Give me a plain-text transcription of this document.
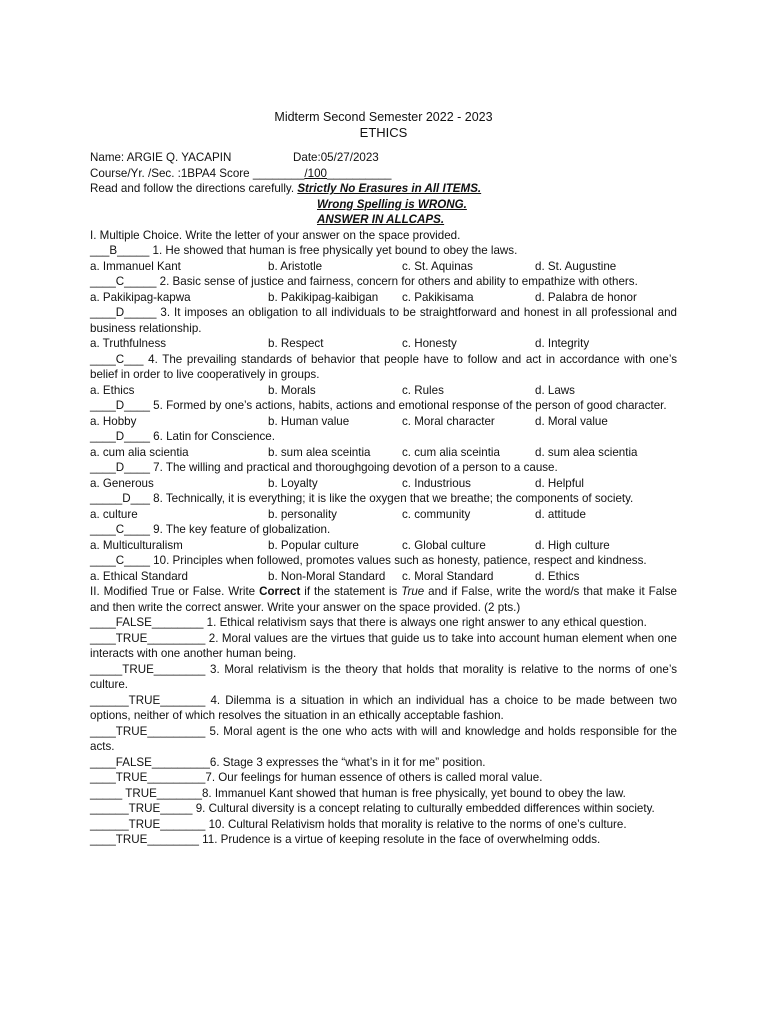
Midterm Second Semester 2022 - 2023
ETHICS
Name: ARGIE Q. YACAPIN	Date:05/27/2023
Course/Yr. /Sec. :1BPA4 Score ________/100__________
Read and follow the directions carefully. Strictly No Erasures in All ITEMS.
Wrong Spelling is WRONG.
ANSWER IN ALLCAPS.
I. Multiple Choice. Write the letter of your answer on the space provided.
___B_____ 1. He showed that human is free physically yet bound to obey the laws.
a. Immanuel Kant	b. Aristotle	c. St. Aquinas	d. St. Augustine
____C_____ 2. Basic sense of justice and fairness, concern for others and ability to empathize with others.
a. Pakikipag-kapwa	b. Pakikipag-kaibigan	c. Pakikisama	d. Palabra de honor
____D_____ 3. It imposes an obligation to all individuals to be straightforward and honest in all professional and business relationship.
a. Truthfulness	b. Respect	c. Honesty	d. Integrity
____C___ 4. The prevailing standards of behavior that people have to follow and act in accordance with one’s belief in order to live cooperatively in groups.
a. Ethics	b. Morals	c. Rules	d. Laws
____D____ 5. Formed by one’s actions, habits, actions and emotional response of the person of good character.
a. Hobby	b. Human value	c. Moral character	d. Moral value
____D____ 6. Latin for Conscience.
a. cum alia scientia	b. sum alea sceintia	c. cum alia sceintia	d. sum alea scientia
____D____ 7. The willing and practical and thoroughgoing devotion of a person to a cause.
a. Generous	b. Loyalty	c. Industrious	d. Helpful
_____D___ 8. Technically, it is everything; it is like the oxygen that we breathe; the components of society.
a. culture	b. personality	c. community	d. attitude
____C____ 9. The key feature of globalization.
a. Multiculturalism	b. Popular culture	c. Global culture	d. High culture
____C____ 10. Principles when followed, promotes values such as honesty, patience, respect and kindness.
a. Ethical Standard	b. Non-Moral Standard	c. Moral Standard	d. Ethics
II. Modified True or False. Write Correct if the statement is True and if False, write the word/s that make it False and then write the correct answer. Write your answer on the space provided. (2 pts.)
____FALSE________ 1. Ethical relativism says that there is always one right answer to any ethical question.
____TRUE_________ 2. Moral values are the virtues that guide us to take into account human element when one interacts with one another human being.
_____TRUE________ 3. Moral relativism is the theory that holds that morality is relative to the norms of one’s culture.
______TRUE_______ 4. Dilemma is a situation in which an individual has a choice to be made between two options, neither of which resolves the situation in an ethically acceptable fashion.
____TRUE_________ 5. Moral agent is the one who acts with will and knowledge and holds responsible for the acts.
____FALSE_________6. Stage 3 expresses the “what’s in it for me” position.
____TRUE_________7. Our feelings for human essence of others is called moral value.
_____ TRUE_______8. Immanuel Kant showed that human is free physically, yet bound to obey the law.
______TRUE_____ 9. Cultural diversity is a concept relating to culturally embedded differences within society.
______TRUE_______ 10. Cultural Relativism holds that morality is relative to the norms of one’s culture.
____TRUE________ 11. Prudence is a virtue of keeping resolute in the face of overwhelming odds.
